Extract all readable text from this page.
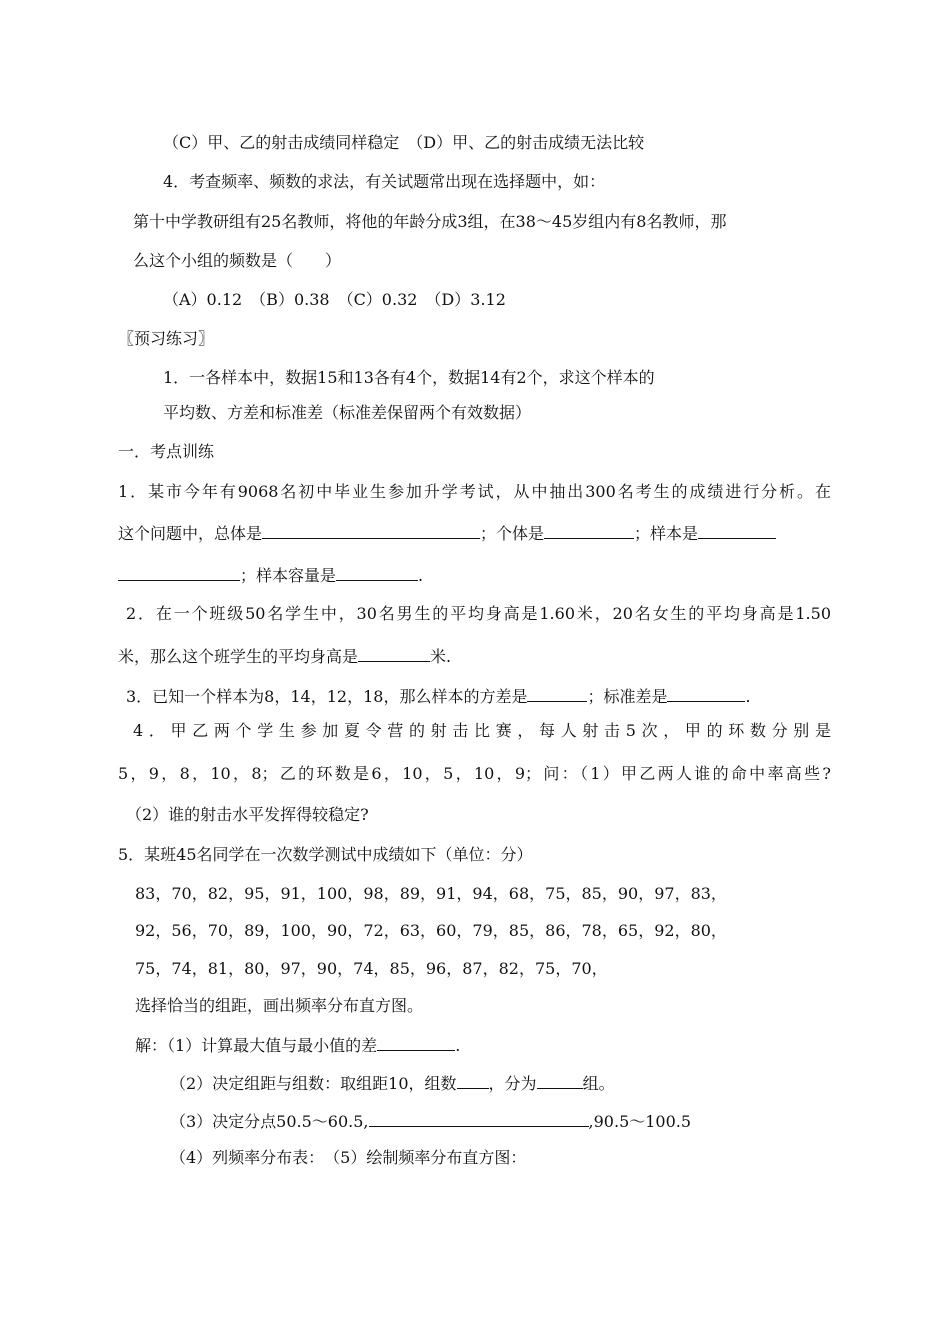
（C）甲、乙的射击成绩同样稳定　（D）甲、乙的射击成绩无法比较
4．考查频率、频数的求法，有关试题常出现在选择题中，如：
第十中学教研组有25名教师，将他的年龄分成3组，在38～45岁组内有8名教师，那
么这个小组的频数是（　　）
（A）0.12　（B）0.38　（C）0.32　（D）3.12
〖预习练习〗
1．一各样本中，数据15和13各有4个，数据14有2个，求这个样本的
平均数、方差和标准差（标准差保留两个有效数据）
一．考点训练
1．某市今年有9068名初中毕业生参加升学考试，从中抽出300名考生的成绩进行分析。在
这个问题中，总体是	；个体是	；样本是
；样本容量是	.
2．在一个班级50名学生中，30名男生的平均身高是1.60米，20名女生的平均身高是1.50
米，那么这个班学生的平均身高是	米.
3．已知一个样本为8，14，12，18，那么样本的方差是	；标准差是	.
4．甲乙两个学生参加夏令营的射击比赛，每人射击5次，甲的环数分别是
5，9，8，10，8；乙的环数是6，10，5，10，9；问：（1）甲乙两人谁的命中率高些?
（2）谁的射击水平发挥得较稳定?
5．某班45名同学在一次数学测试中成绩如下（单位：分）
83，70，82，95，91，100，98，89，91，94，68，75，85，90，97，83，
92，56，70，89，100，90，72，63，60，79，85，86，78，65，92，80，
75，74，81，80，97，90，74，85，96，87，82，75，70，
选择恰当的组距，画出频率分布直方图。
解：（1）计算最大值与最小值的差	.
（2）决定组距与组数：取组距10，组数 ，分为	组。
（3）决定分点50.5～60.5,	,90.5～100.5
（4）列频率分布表：　（5）绘制频率分布直方图：
